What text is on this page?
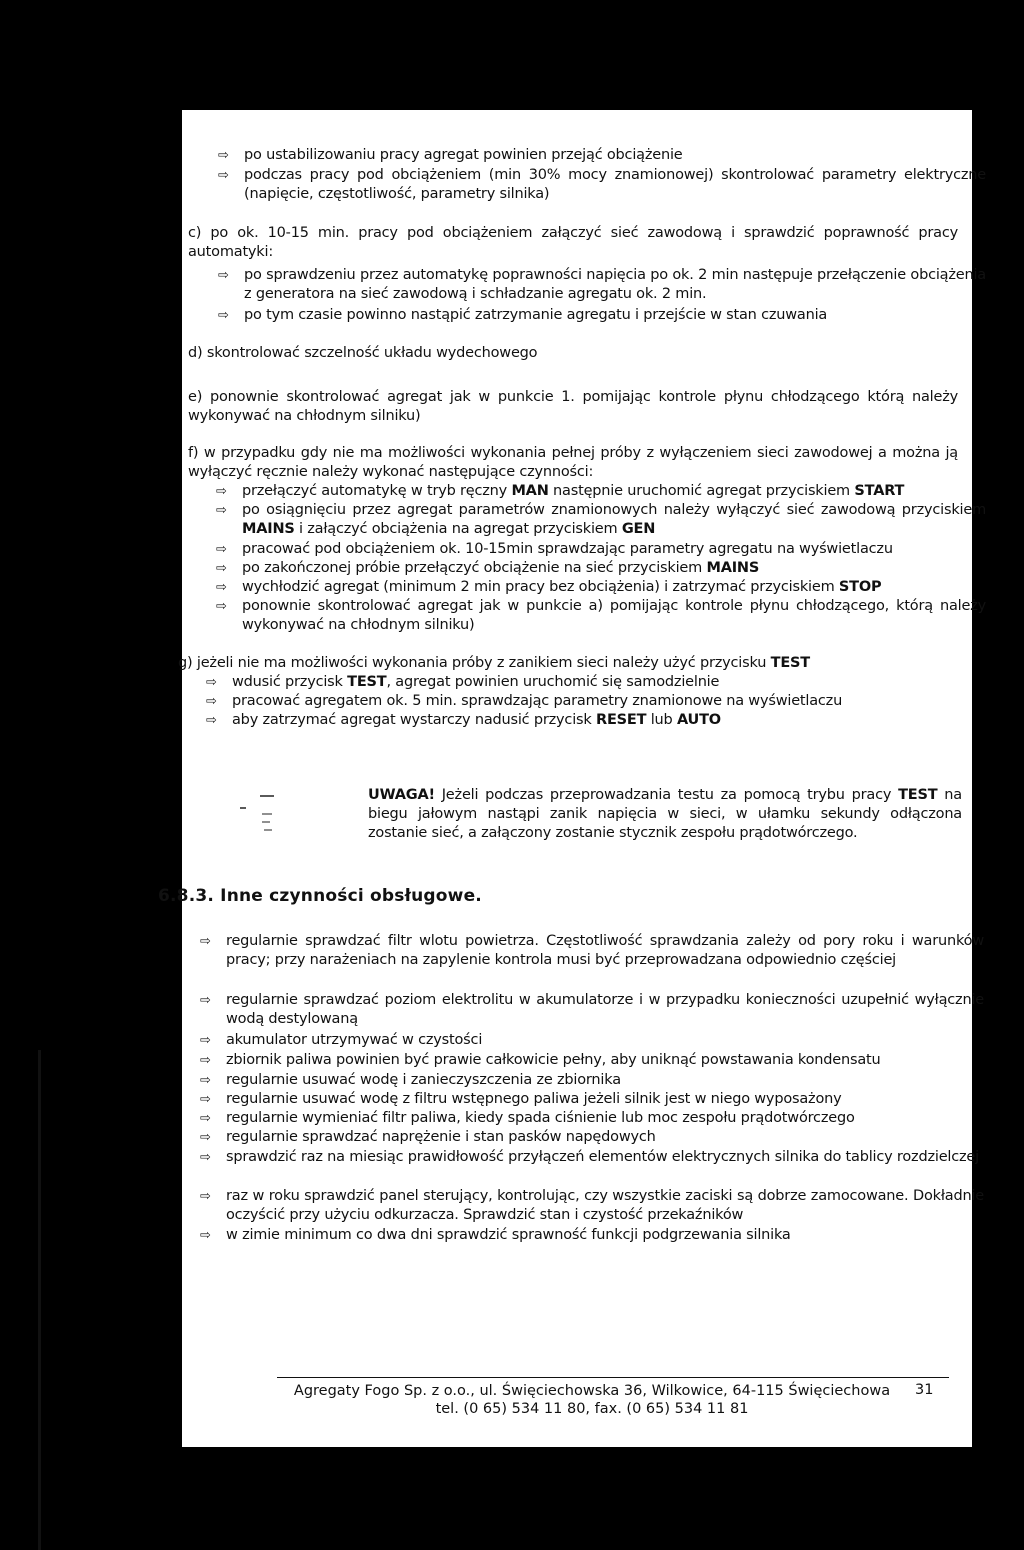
⇨ po ustabilizowaniu pracy agregat powinien przejąć obciążenie
⇨ podczas pracy pod obciążeniem (min 30% mocy znamionowej) skontrolować parametry elektryczne (napięcie, częstotliwość, parametry silnika)
c) po ok. 10-15 min. pracy pod obciążeniem załączyć sieć zawodową i sprawdzić poprawność pracy automatyki:
⇨ po sprawdzeniu przez automatykę poprawności napięcia po ok. 2 min następuje przełączenie obciążenia z generatora na sieć zawodową i schładzanie agregatu ok. 2 min.
⇨ po tym czasie powinno nastąpić zatrzymanie agregatu i przejście w stan czuwania
d) skontrolować szczelność układu wydechowego
e) ponownie skontrolować agregat jak w punkcie 1. pomijając kontrole płynu chłodzącego którą należy wykonywać na chłodnym silniku)
f) w przypadku gdy nie ma możliwości wykonania pełnej próby z wyłączeniem sieci zawodowej a można ją wyłączyć ręcznie należy wykonać następujące czynności:
⇨ przełączyć automatykę w tryb ręczny MAN następnie uruchomić agregat przyciskiem START
⇨ po osiągnięciu przez agregat parametrów znamionowych należy wyłączyć sieć zawodową przyciskiem MAINS i załączyć obciążenia na agregat przyciskiem GEN
⇨ pracować pod obciążeniem ok. 10-15min sprawdzając parametry agregatu na wyświetlaczu
⇨ po zakończonej próbie przełączyć obciążenie na sieć przyciskiem MAINS
⇨ wychłodzić agregat (minimum 2 min pracy bez obciążenia) i zatrzymać przyciskiem STOP
⇨ ponownie skontrolować agregat jak w punkcie a) pomijając kontrole płynu chłodzącego, którą należy wykonywać na chłodnym silniku)
g) jeżeli nie ma możliwości wykonania próby z zanikiem sieci należy użyć przycisku TEST
⇨ wdusić przycisk TEST, agregat powinien uruchomić się samodzielnie
⇨ pracować agregatem ok. 5 min. sprawdzając parametry znamionowe na wyświetlaczu
⇨ aby zatrzymać agregat wystarczy nadusić przycisk RESET lub AUTO
UWAGA! Jeżeli podczas przeprowadzania testu za pomocą trybu pracy TEST na biegu jałowym nastąpi zanik napięcia w sieci, w ułamku sekundy odłączona zostanie sieć, a załączony zostanie stycznik zespołu prądotwórczego.
6.8.3. Inne czynności obsługowe.
⇨ regularnie sprawdzać filtr wlotu powietrza. Częstotliwość sprawdzania zależy od pory roku i warunków pracy; przy narażeniach na zapylenie kontrola musi być przeprowadzana odpowiednio częściej
⇨ regularnie sprawdzać poziom elektrolitu w akumulatorze i w przypadku konieczności uzupełnić wyłącznie wodą destylowaną
⇨ akumulator utrzymywać w czystości
⇨ zbiornik paliwa powinien być prawie całkowicie pełny, aby uniknąć powstawania kondensatu
⇨ regularnie usuwać wodę i zanieczyszczenia ze zbiornika
⇨ regularnie usuwać wodę z filtru wstępnego paliwa jeżeli silnik jest w niego wyposażony
⇨ regularnie wymieniać filtr paliwa, kiedy spada ciśnienie lub moc zespołu prądotwórczego
⇨ regularnie sprawdzać naprężenie i stan pasków napędowych
⇨ sprawdzić raz na miesiąc prawidłowość przyłączeń elementów elektrycznych silnika do tablicy rozdzielczej
⇨ raz w roku sprawdzić panel sterujący, kontrolując, czy wszystkie zaciski są dobrze zamocowane. Dokładnie oczyścić przy użyciu odkurzacza. Sprawdzić stan i czystość przekaźników
⇨ w zimie minimum co dwa dni sprawdzić sprawność funkcji podgrzewania silnika
Agregaty Fogo Sp. z o.o., ul. Święciechowska 36, Wilkowice, 64-115 Święciechowa
tel. (0 65) 534 11 80, fax. (0 65) 534 11 81
31
